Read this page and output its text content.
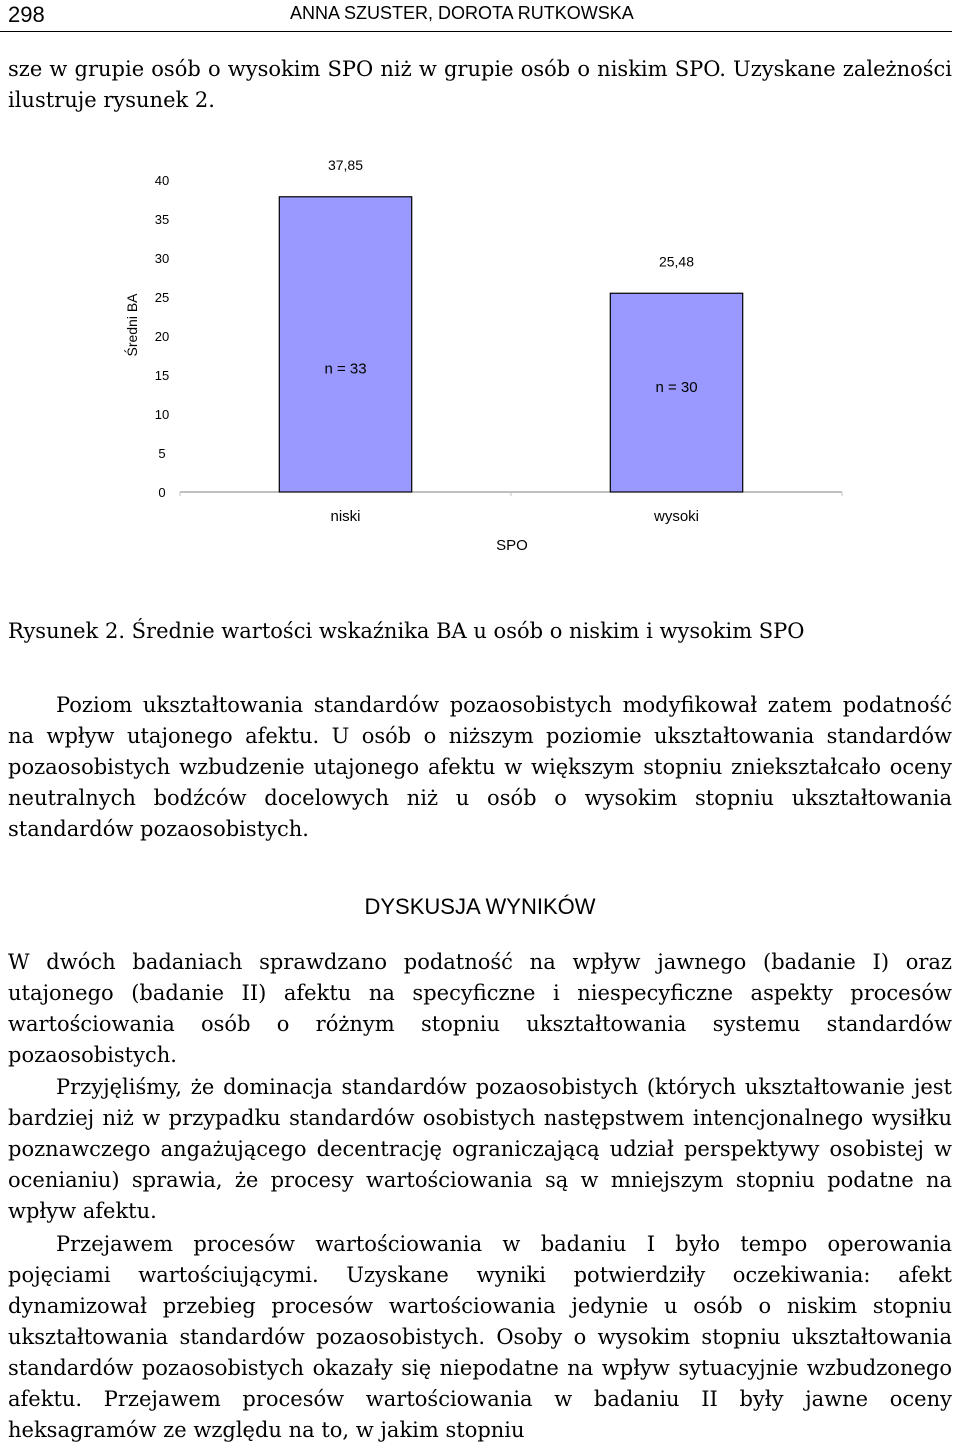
298	ANNA SZUSTER, DOROTA RUTKOWSKA

sze w grupie osób o wysokim SPO niż w grupie osób o niskim SPO. Uzyskane zależności ilustruje rysunek 2.

0
5
10
15
20
25
30
35
40
37,85
n = 33
niski
25,48
n = 30
wysoki
Średni BA
SPO

Rysunek 2. Średnie wartości wskaźnika BA u osób o niskim i wysokim SPO

Poziom ukształtowania standardów pozaosobistych modyfikował zatem podatność na wpływ utajonego afektu. U osób o niższym poziomie ukształtowania standardów pozaosobistych wzbudzenie utajonego afektu w większym stopniu zniekształcało oceny neutralnych bodźców docelowych niż u osób o wysokim stopniu ukształtowania standardów pozaosobistych.

DYSKUSJA WYNIKÓW

W dwóch badaniach sprawdzano podatność na wpływ jawnego (badanie I) oraz utajonego (badanie II) afektu na specyficzne i niespecyficzne aspekty procesów wartościowania osób o różnym stopniu ukształtowania systemu standardów pozaosobistych.

Przyjęliśmy, że dominacja standardów pozaosobistych (których ukształtowanie jest bardziej niż w przypadku standardów osobistych następstwem intencjonalnego wysiłku poznawczego angażującego decentrację ograniczającą udział perspektywy osobistej w ocenianiu) sprawia, że procesy wartościowania są w mniejszym stopniu podatne na wpływ afektu.

Przejawem procesów wartościowania w badaniu I było tempo operowania pojęciami wartościującymi. Uzyskane wyniki potwierdziły oczekiwania: afekt dynamizował przebieg procesów wartościowania jedynie u osób o niskim stopniu ukształtowania standardów pozaosobistych. Osoby o wysokim stopniu ukształtowania standardów pozaosobistych okazały się niepodatne na wpływ sytuacyjnie wzbudzonego afektu. Przejawem procesów wartościowania w badaniu II były jawne oceny heksagramów ze względu na to, w jakim stopniu
